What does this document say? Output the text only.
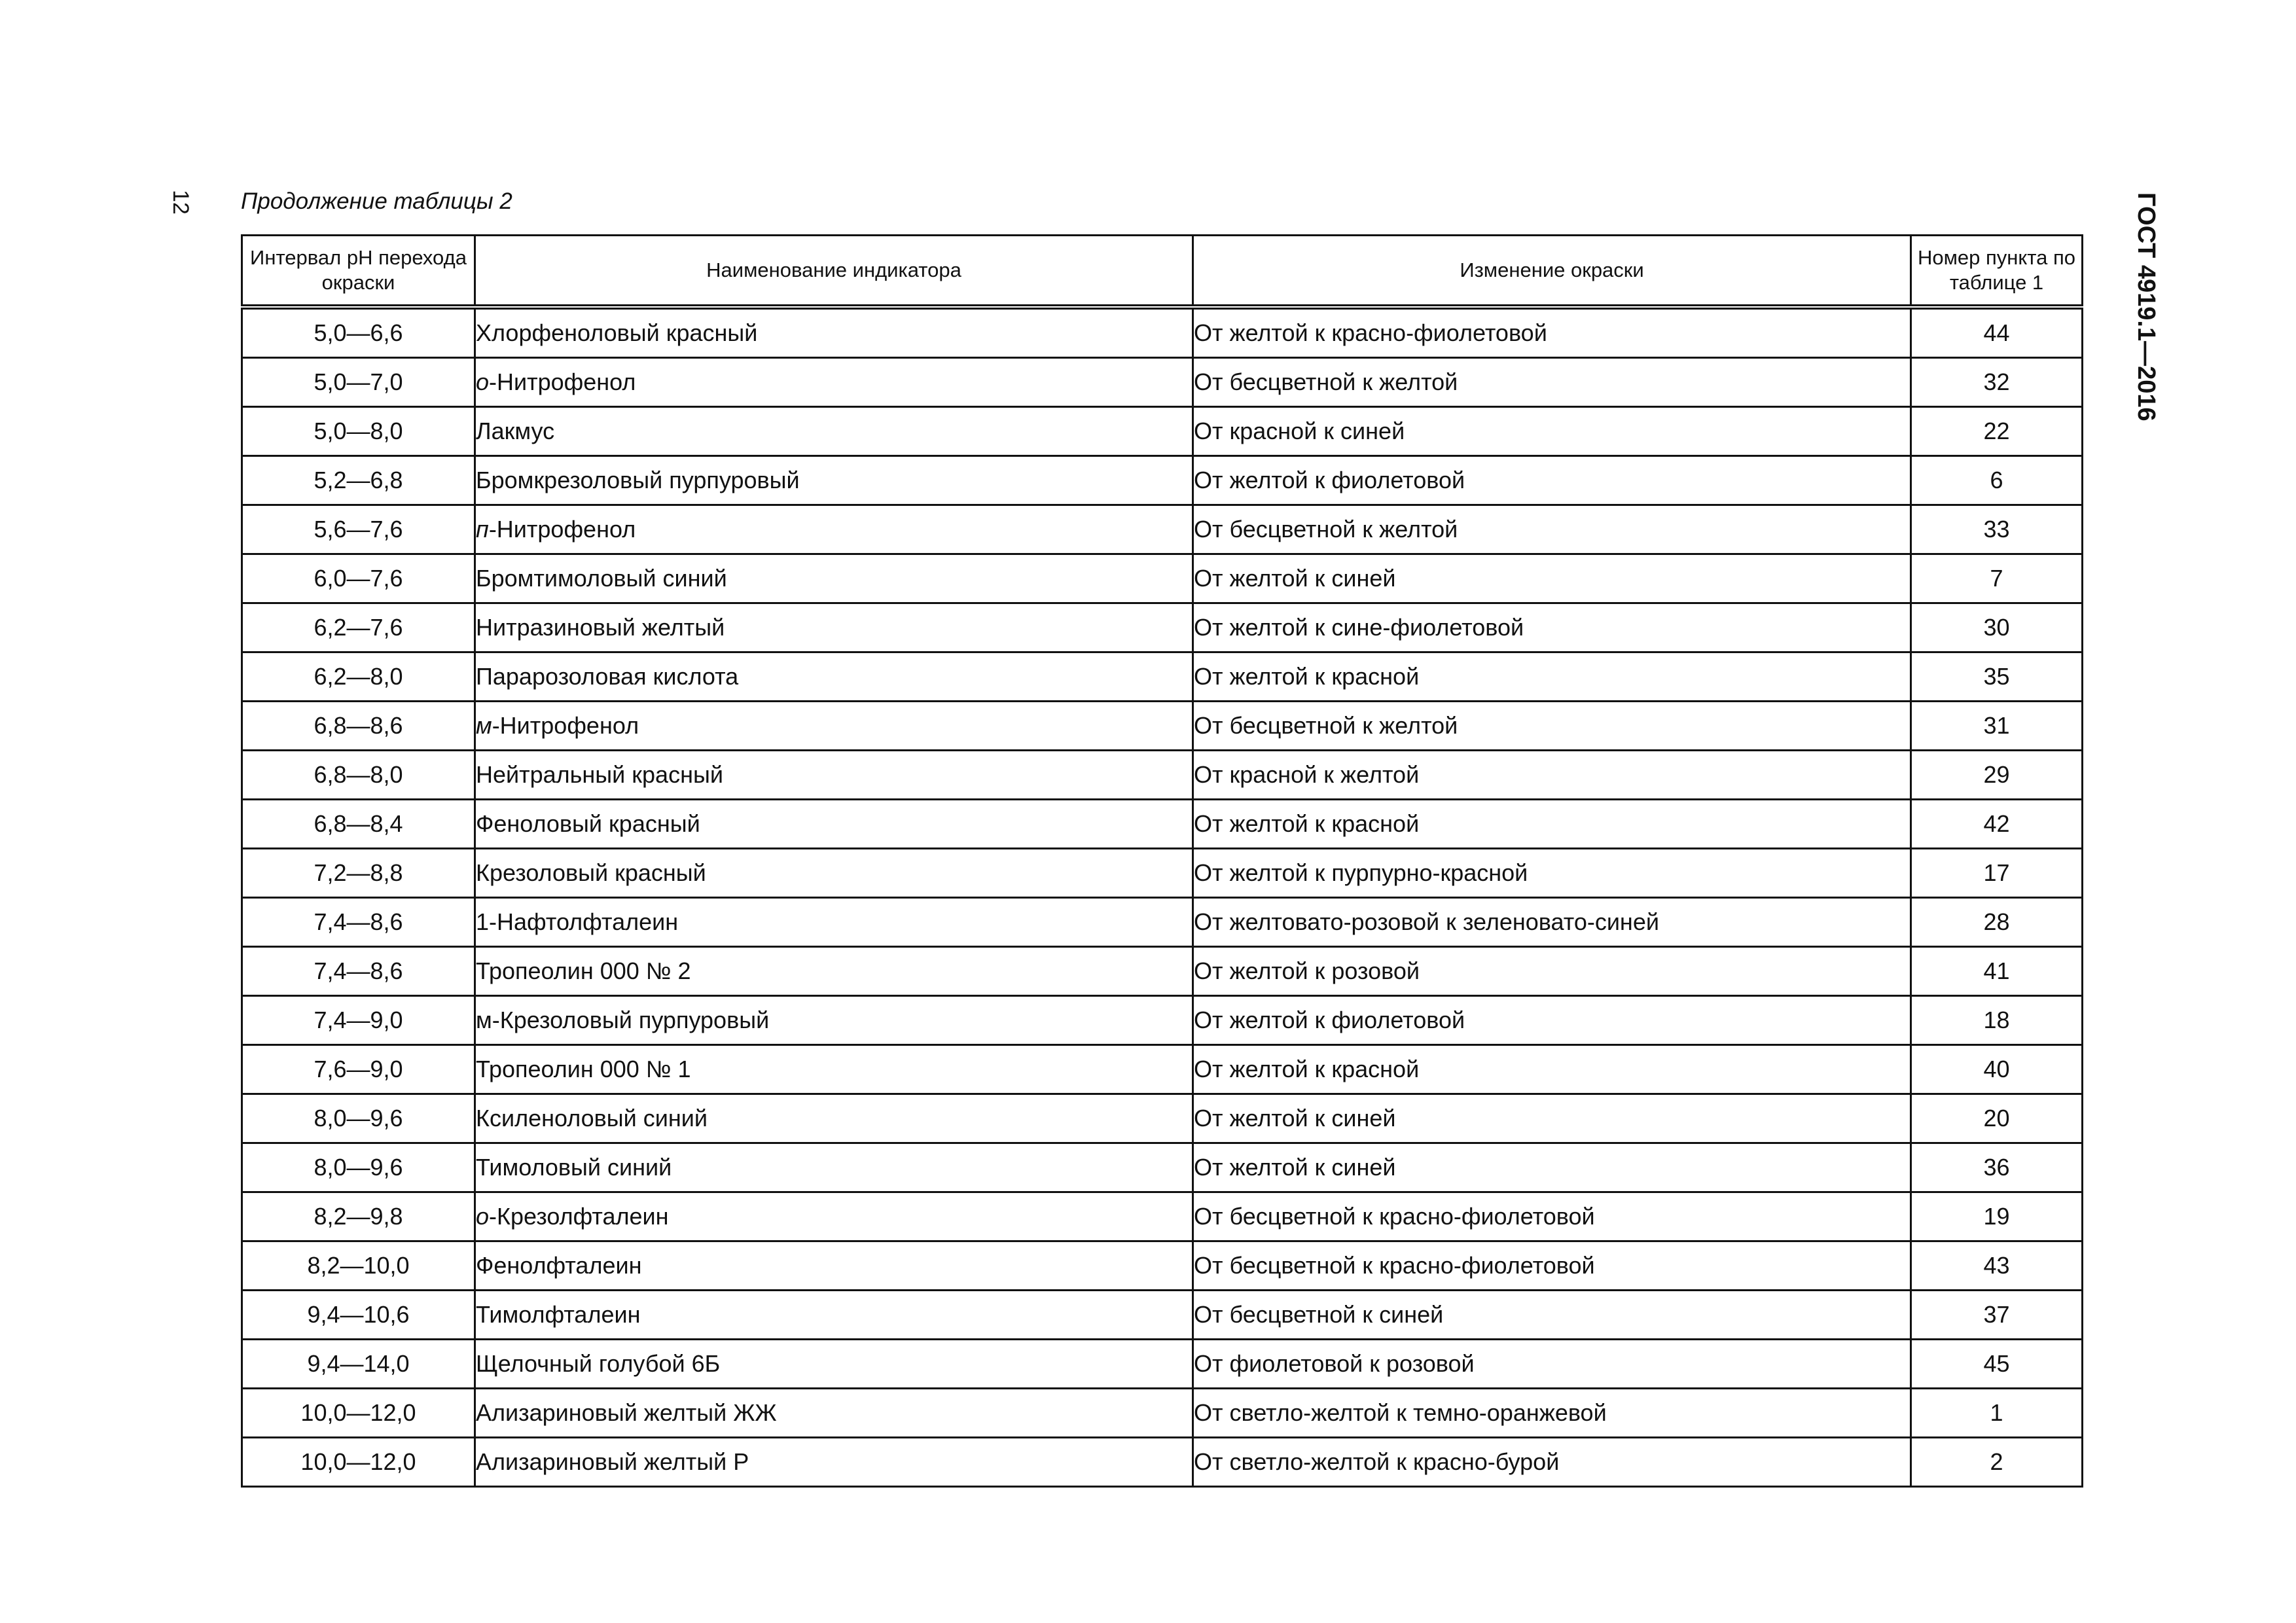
12 Продолжение таблицы 2	ГОСТ 4919.1—2016
Интервал рН перехода окраски	Наименование индикатора	Изменение окраски	Номер пункта по таблице 1
5,0—6,6	Хлорфеноловый красный	От желтой к красно-фиолетовой	44
5,0—7,0	о-Нитрофенол	От бесцветной к желтой	32
5,0—8,0	Лакмус	От красной к синей	22
5,2—6,8	Бромкрезоловый пурпуровый	От желтой к фиолетовой	6
5,6—7,6	п-Нитрофенол	От бесцветной к желтой	33
6,0—7,6	Бромтимоловый синий	От желтой к синей	7
6,2—7,6	Нитразиновый желтый	От желтой к сине-фиолетовой	30
6,2—8,0	Парарозоловая кислота	От желтой к красной	35
6,8—8,6	м-Нитрофенол	От бесцветной к желтой	31
6,8—8,0	Нейтральный красный	От красной к желтой	29
6,8—8,4	Феноловый красный	От желтой к красной	42
7,2—8,8	Крезоловый красный	От желтой к пурпурно-красной	17
7,4—8,6	1-Нафтолфталеин	От желтовато-розовой к зеленовато-синей	28
7,4—8,6	Тропеолин 000 № 2	От желтой к розовой	41
7,4—9,0	м-Крезоловый пурпуровый	От желтой к фиолетовой	18
7,6—9,0	Тропеолин 000 № 1	От желтой к красной	40
8,0—9,6	Ксиленоловый синий	От желтой к синей	20
8,0—9,6	Тимоловый синий	От желтой к синей	36
8,2—9,8	о-Крезолфталеин	От бесцветной к красно-фиолетовой	19
8,2—10,0	Фенолфталеин	От бесцветной к красно-фиолетовой	43
9,4—10,6	Тимолфталеин	От бесцветной к синей	37
9,4—14,0	Щелочный голубой 6Б	От фиолетовой к розовой	45
10,0—12,0	Ализариновый желтый ЖЖ	От светло-желтой к темно-оранжевой	1
10,0—12,0	Ализариновый желтый Р	От светло-желтой к красно-бурой	2
